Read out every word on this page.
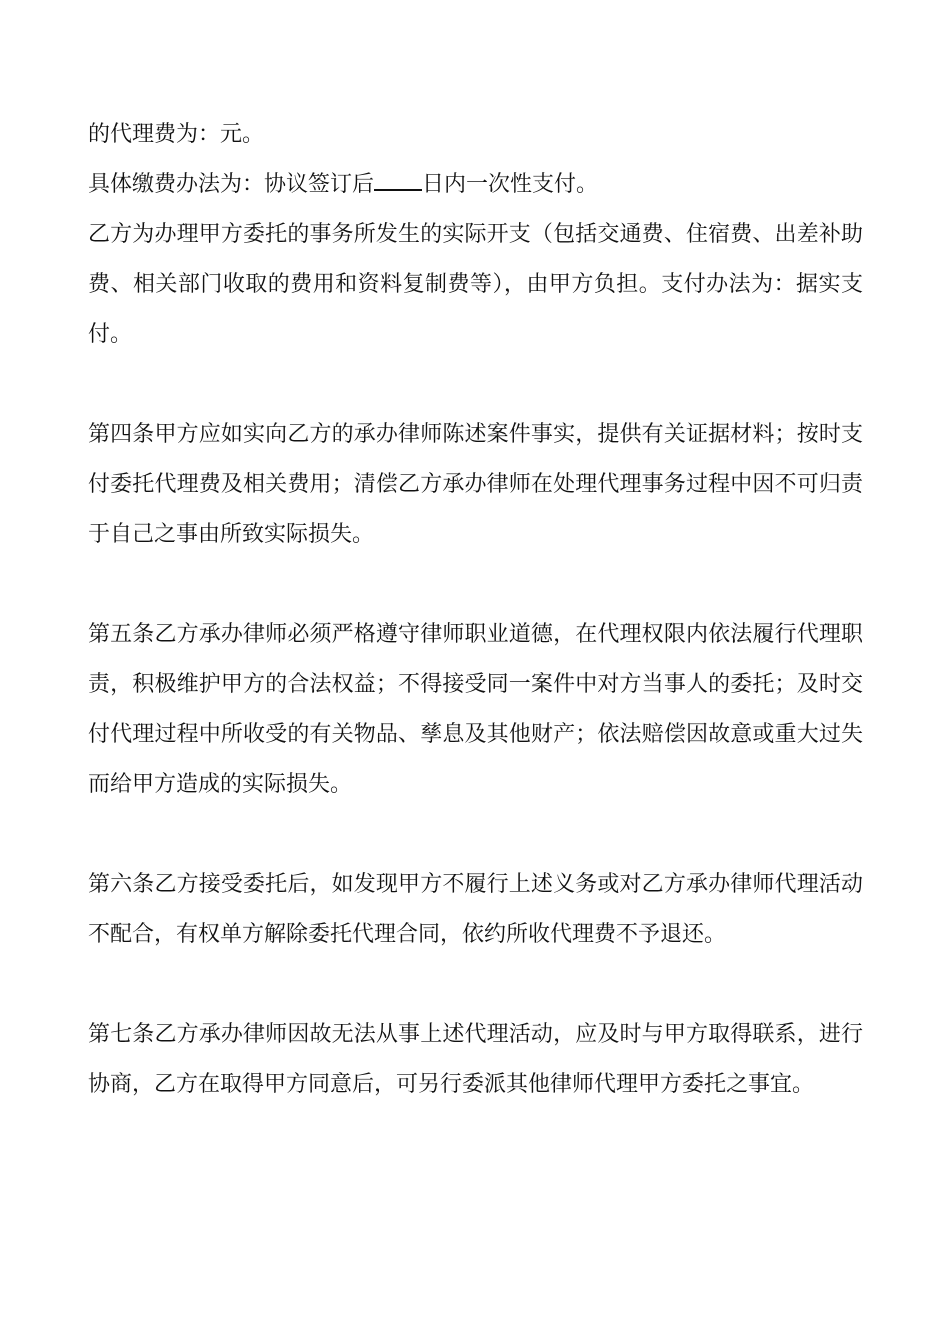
的代理费为：元。

具体缴费办法为：协议签订后 日内一次性支付。

乙方为办理甲方委托的事务所发生的实际开支（包括交通费、住宿费、出差补助费、相关部门收取的费用和资料复制费等），由甲方负担。支付办法为：据实支付。

第四条甲方应如实向乙方的承办律师陈述案件事实，提供有关证据材料；按时支付委托代理费及相关费用；清偿乙方承办律师在处理代理事务过程中因不可归责于自己之事由所致实际损失。

第五条乙方承办律师必须严格遵守律师职业道德，在代理权限内依法履行代理职责，积极维护甲方的合法权益；不得接受同一案件中对方当事人的委托；及时交付代理过程中所收受的有关物品、孳息及其他财产；依法赔偿因故意或重大过失而给甲方造成的实际损失。

第六条乙方接受委托后，如发现甲方不履行上述义务或对乙方承办律师代理活动不配合，有权单方解除委托代理合同，依约所收代理费不予退还。

第七条乙方承办律师因故无法从事上述代理活动，应及时与甲方取得联系，进行协商，乙方在取得甲方同意后，可另行委派其他律师代理甲方委托之事宜。
